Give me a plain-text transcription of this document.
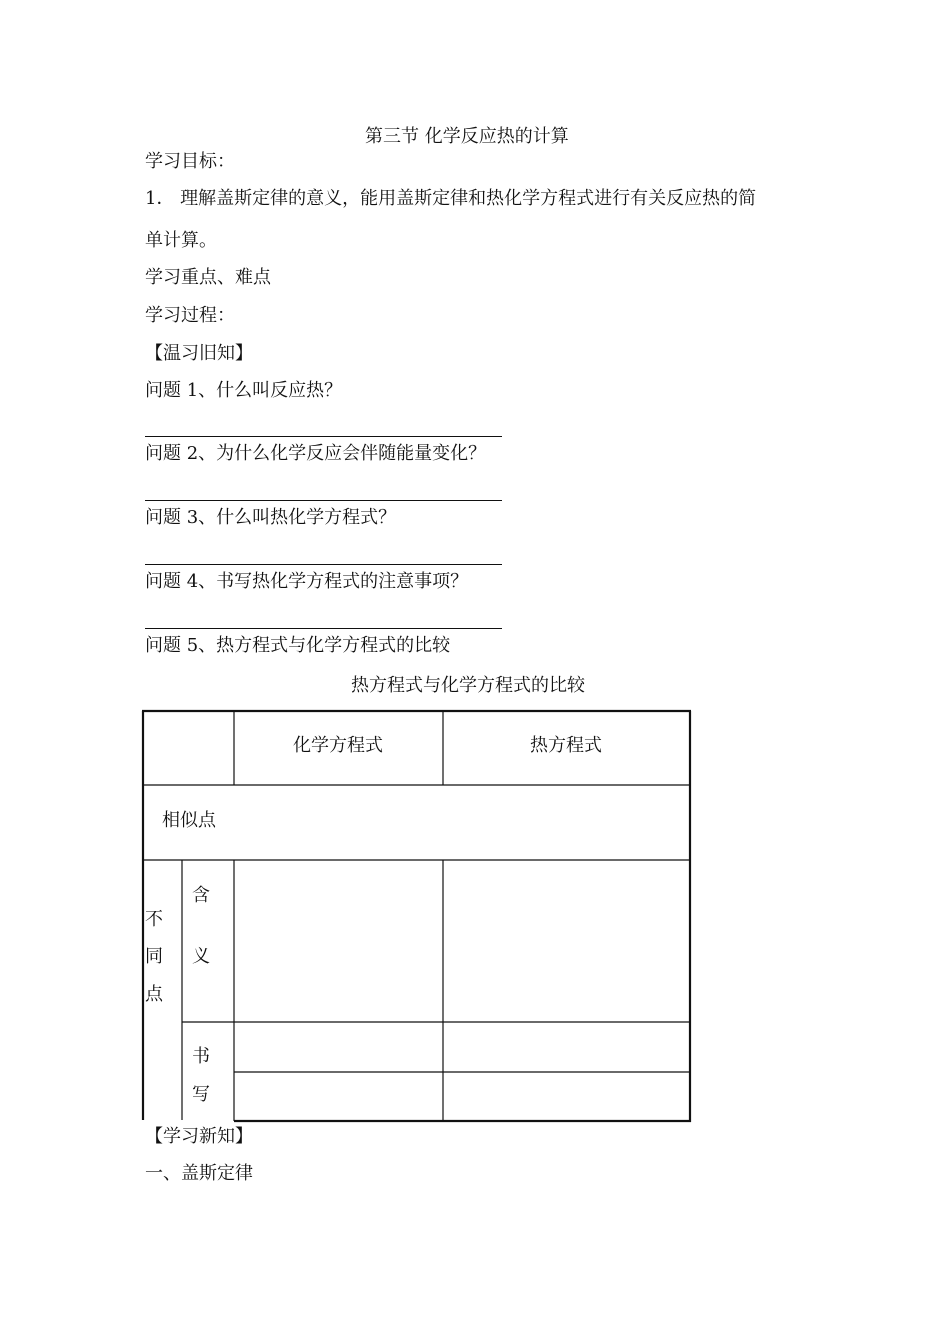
第三节 化学反应热的计算
学习目标：
1． 理解盖斯定律的意义，能用盖斯定律和热化学方程式进行有关反应热的简
单计算。
学习重点、难点
学习过程：
【温习旧知】
问题 1、什么叫反应热？
问题 2、为什么化学反应会伴随能量变化？
问题 3、什么叫热化学方程式？
问题 4、书写热化学方程式的注意事项？
问题 5、热方程式与化学方程式的比较
热方程式与化学方程式的比较
化学方程式	热方程式
相似点
不
同
点
含
义
书
写
【学习新知】
一、盖斯定律
